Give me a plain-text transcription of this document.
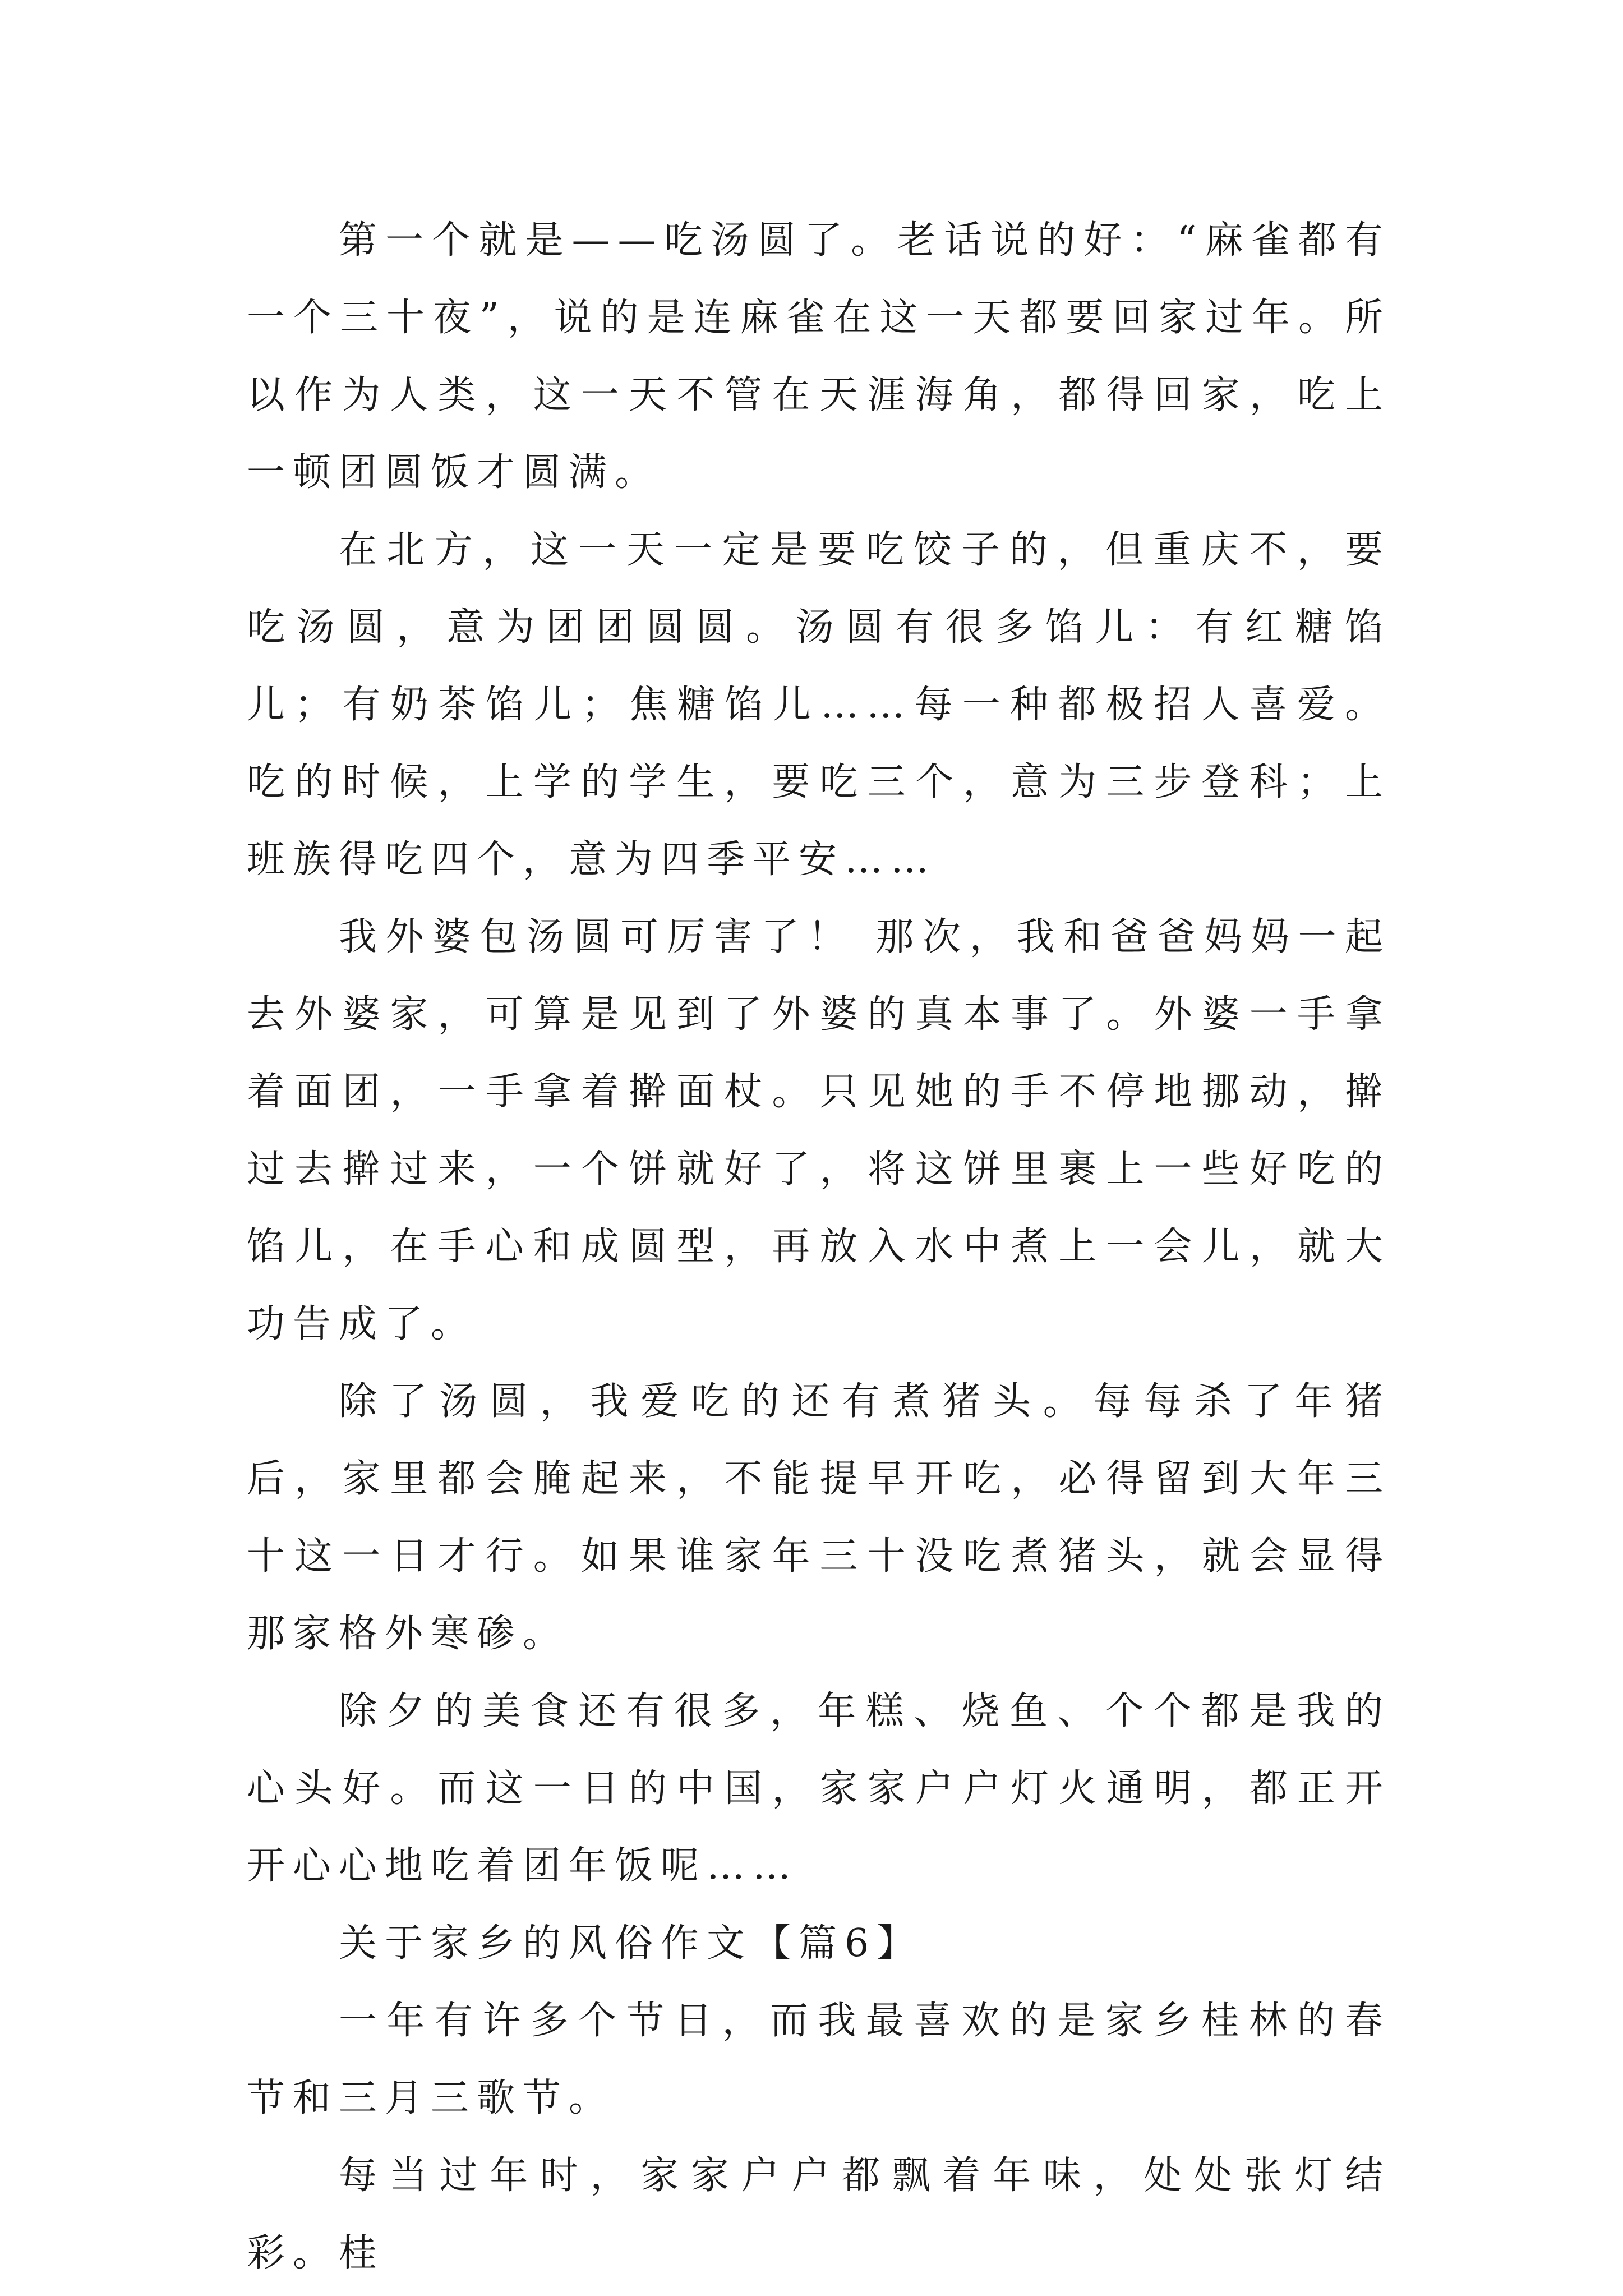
第一个就是——吃汤圆了。老话说的好：“麻雀都有一个三十夜”，说的是连麻雀在这一天都要回家过年。所以作为人类，这一天不管在天涯海角，都得回家，吃上一顿团圆饭才圆满。

在北方，这一天一定是要吃饺子的，但重庆不，要吃汤圆，意为团团圆圆。汤圆有很多馅儿：有红糖馅儿；有奶茶馅儿；焦糖馅儿……每一种都极招人喜爱。吃的时候，上学的学生，要吃三个，意为三步登科；上班族得吃四个，意为四季平安……

我外婆包汤圆可厉害了！ 那次，我和爸爸妈妈一起去外婆家，可算是见到了外婆的真本事了。外婆一手拿着面团，一手拿着擀面杖。只见她的手不停地挪动，擀过去擀过来，一个饼就好了，将这饼里裹上一些好吃的馅儿，在手心和成圆型，再放入水中煮上一会儿，就大功告成了。

除了汤圆，我爱吃的还有煮猪头。每每杀了年猪后，家里都会腌起来，不能提早开吃，必得留到大年三十这一日才行。如果谁家年三十没吃煮猪头，就会显得那家格外寒碜。

除夕的美食还有很多，年糕、烧鱼、个个都是我的心头好。而这一日的中国，家家户户灯火通明，都正开开心心地吃着团年饭呢……

关于家乡的风俗作文【篇6】

一年有许多个节日，而我最喜欢的是家乡桂林的春节和三月三歌节。

每当过年时，家家户户都飘着年味，处处张灯结彩。桂
